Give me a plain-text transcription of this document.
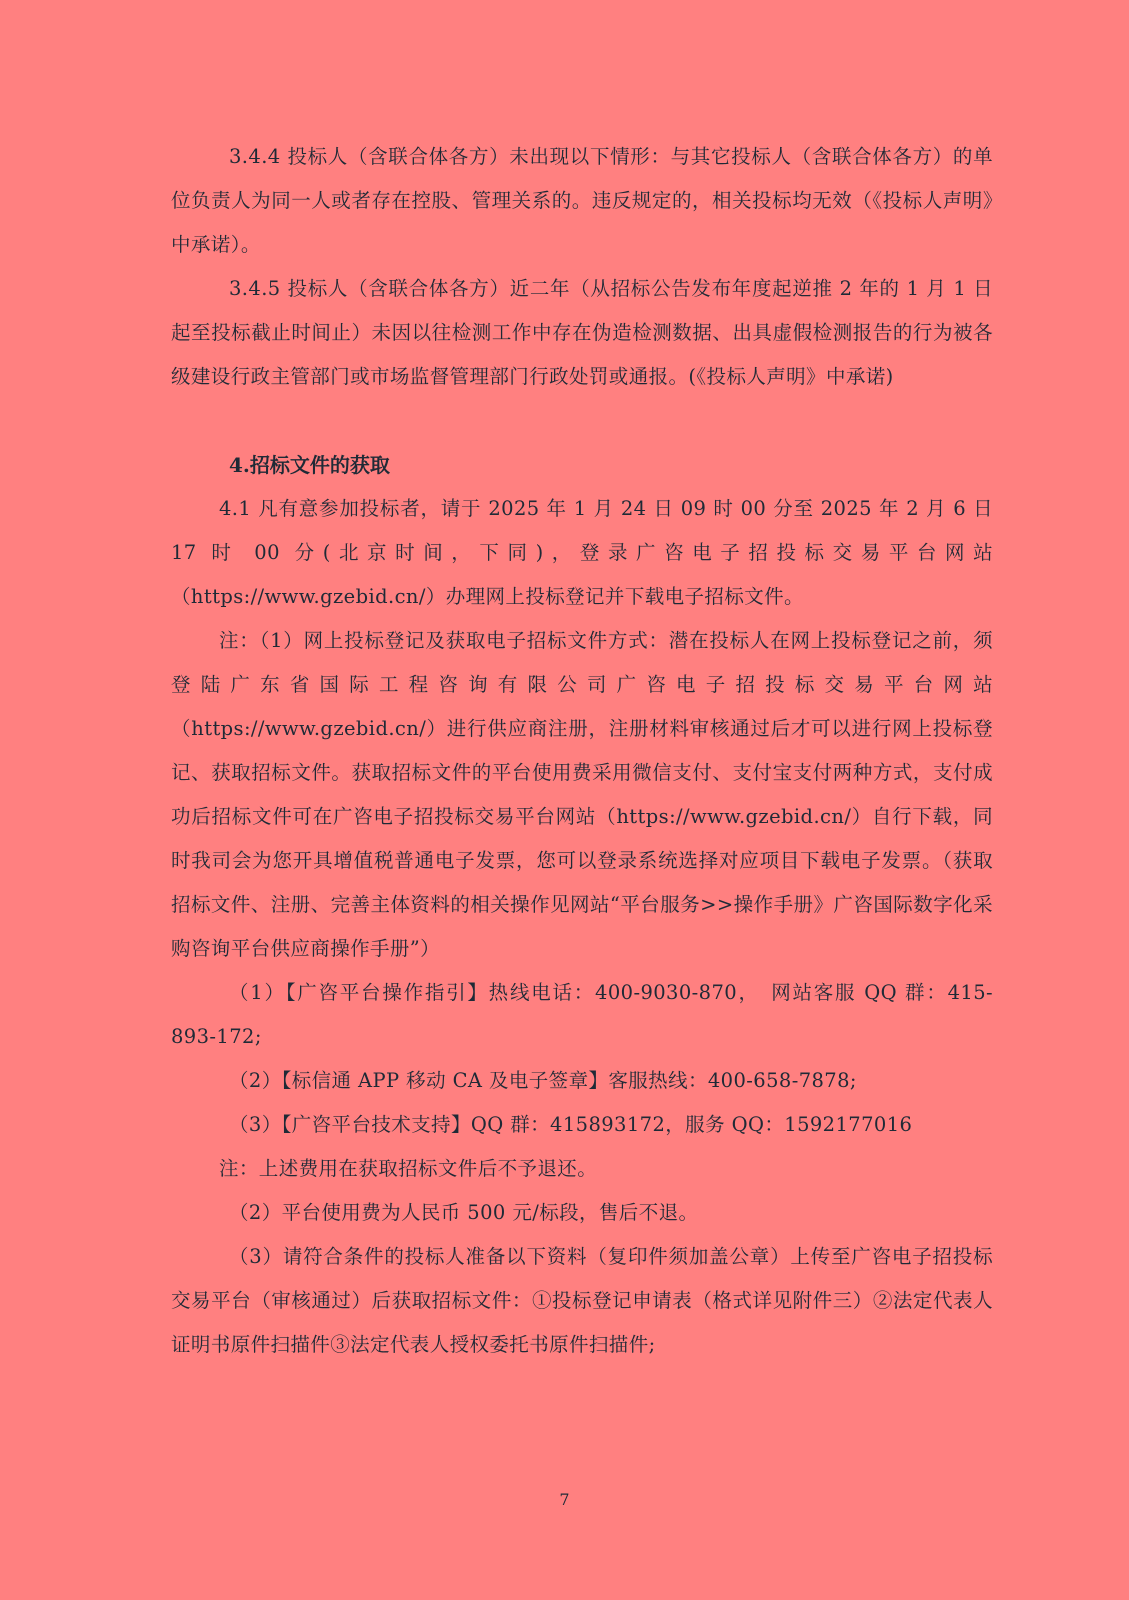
3.4.4 投标人（含联合体各方）未出现以下情形：与其它投标人（含联合体各方）的单位负责人为同一人或者存在控股、管理关系的。违反规定的，相关投标均无效（《投标人声明》中承诺）。

3.4.5 投标人（含联合体各方）近二年（从招标公告发布年度起逆推 2 年的 1 月 1 日起至投标截止时间止）未因以往检测工作中存在伪造检测数据、出具虚假检测报告的行为被各级建设行政主管部门或市场监督管理部门行政处罚或通报。(《投标人声明》中承诺)

4.招标文件的获取

4.1 凡有意参加投标者，请于 2025 年 1 月 24 日 09 时 00 分至 2025 年 2 月 6 日 17 时 00 分(北京时间，下同)，登录广咨电子招投标交易平台网站（https://www.gzebid.cn/）办理网上投标登记并下载电子招标文件。

注：（1）网上投标登记及获取电子招标文件方式：潜在投标人在网上投标登记之前，须登陆广东省国际工程咨询有限公司广咨电子招投标交易平台网站（https://www.gzebid.cn/）进行供应商注册，注册材料审核通过后才可以进行网上投标登记、获取招标文件。获取招标文件的平台使用费采用微信支付、支付宝支付两种方式，支付成功后招标文件可在广咨电子招投标交易平台网站（https://www.gzebid.cn/）自行下载，同时我司会为您开具增值税普通电子发票，您可以登录系统选择对应项目下载电子发票。（获取招标文件、注册、完善主体资料的相关操作见网站“平台服务>>操作手册》广咨国际数字化采购咨询平台供应商操作手册”）

（1）【广咨平台操作指引】热线电话：400-9030-870，　网站客服 QQ 群：415-893-172;

（2）【标信通 APP 移动 CA 及电子签章】客服热线：400-658-7878;

（3）【广咨平台技术支持】QQ 群：415893172，服务 QQ：1592177016

注：上述费用在获取招标文件后不予退还。

（2）平台使用费为人民币 500 元/标段，售后不退。

（3）请符合条件的投标人准备以下资料（复印件须加盖公章）上传至广咨电子招投标交易平台（审核通过）后获取招标文件：①投标登记申请表（格式详见附件三）②法定代表人证明书原件扫描件③法定代表人授权委托书原件扫描件;

7
